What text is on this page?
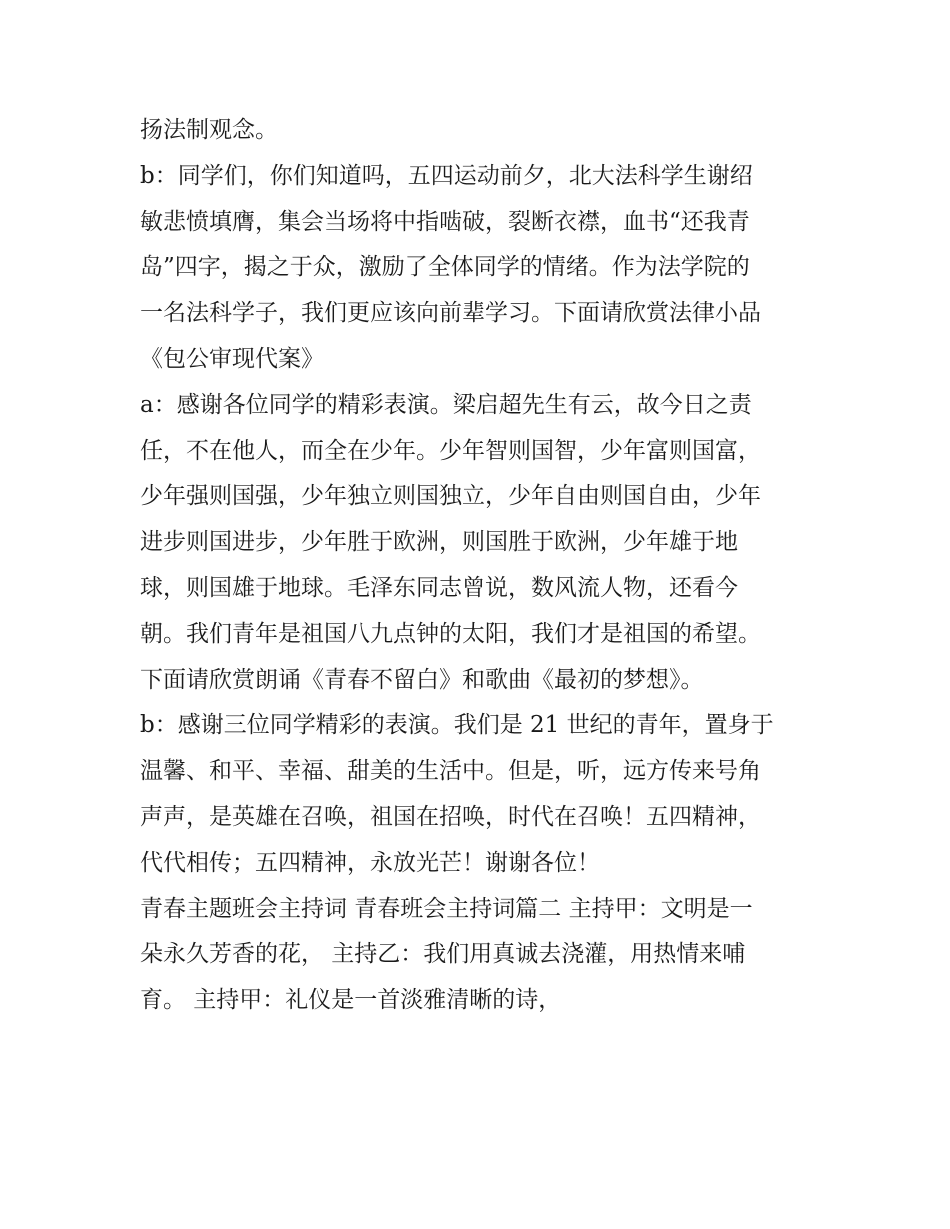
扬法制观念。

b：同学们，你们知道吗，五四运动前夕，北大法科学生谢绍

敏悲愤填膺，集会当场将中指啮破，裂断衣襟，血书“还我青

岛”四字，揭之于众，激励了全体同学的情绪。作为法学院的

一名法科学子，我们更应该向前辈学习。下面请欣赏法律小品

《包公审现代案》

a：感谢各位同学的精彩表演。梁启超先生有云，故今日之责

任，不在他人，而全在少年。少年智则国智，少年富则国富，

少年强则国强，少年独立则国独立，少年自由则国自由，少年

进步则国进步，少年胜于欧洲，则国胜于欧洲，少年雄于地

球，则国雄于地球。毛泽东同志曾说，数风流人物，还看今

朝。我们青年是祖国八九点钟的太阳，我们才是祖国的希望。

下面请欣赏朗诵《青春不留白》和歌曲《最初的梦想》。

b：感谢三位同学精彩的表演。我们是 21 世纪的青年，置身于

温馨、和平、幸福、甜美的生活中。但是，听，远方传来号角

声声，是英雄在召唤，祖国在招唤，时代在召唤！五四精神，

代代相传；五四精神，永放光芒！谢谢各位！

青春主题班会主持词 青春班会主持词篇二 主持甲：文明是一

朵永久芳香的花， 主持乙：我们用真诚去浇灌，用热情来哺

育。 主持甲：礼仪是一首淡雅清晰的诗，
